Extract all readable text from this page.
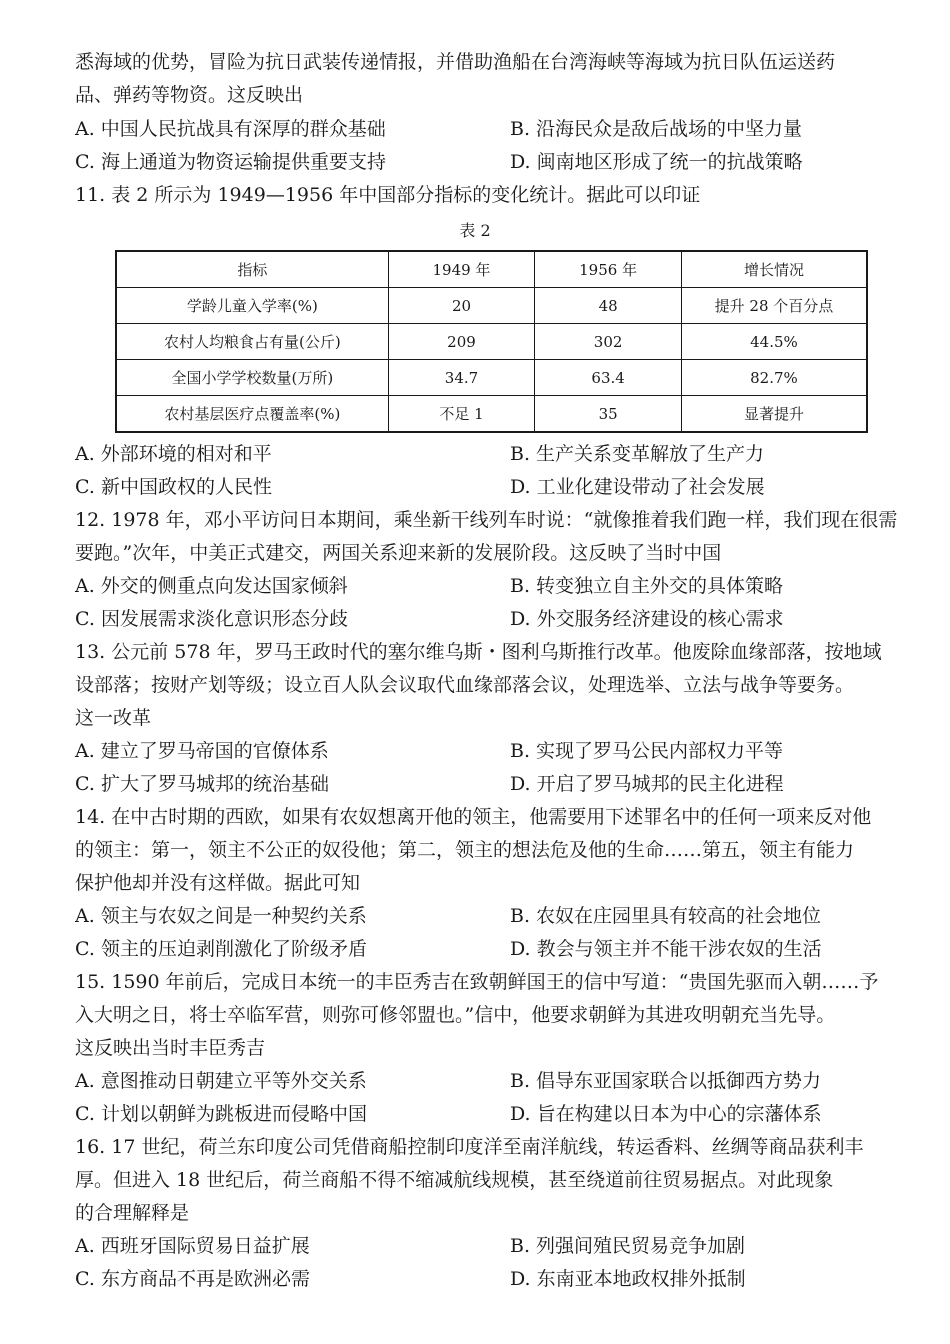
悉海域的优势，冒险为抗日武装传递情报，并借助渔船在台湾海峡等海域为抗日队伍运送药
品、弹药等物资。这反映出
A. 中国人民抗战具有深厚的群众基础	B. 沿海民众是敌后战场的中坚力量
C. 海上通道为物资运输提供重要支持	D. 闽南地区形成了统一的抗战策略
11. 表 2 所示为 1949—1956 年中国部分指标的变化统计。据此可以印证
表 2
指标	1949 年	1956 年	增长情况
学龄儿童入学率(%)	20	48	提升 28 个百分点
农村人均粮食占有量(公斤)	209	302	44.5%
全国小学学校数量(万所)	34.7	63.4	82.7%
农村基层医疗点覆盖率(%)	不足 1	35	显著提升
A. 外部环境的相对和平	B. 生产关系变革解放了生产力
C. 新中国政权的人民性	D. 工业化建设带动了社会发展
12. 1978 年，邓小平访问日本期间，乘坐新干线列车时说：“就像推着我们跑一样，我们现在很需
要跑。”次年，中美正式建交，两国关系迎来新的发展阶段。这反映了当时中国
A. 外交的侧重点向发达国家倾斜	B. 转变独立自主外交的具体策略
C. 因发展需求淡化意识形态分歧	D. 外交服务经济建设的核心需求
13. 公元前 578 年，罗马王政时代的塞尔维乌斯・图利乌斯推行改革。他废除血缘部落，按地域
设部落；按财产划等级；设立百人队会议取代血缘部落会议，处理选举、立法与战争等要务。
这一改革
A. 建立了罗马帝国的官僚体系	B. 实现了罗马公民内部权力平等
C. 扩大了罗马城邦的统治基础	D. 开启了罗马城邦的民主化进程
14. 在中古时期的西欧，如果有农奴想离开他的领主，他需要用下述罪名中的任何一项来反对他
的领主：第一，领主不公正的奴役他；第二，领主的想法危及他的生命……第五，领主有能力
保护他却并没有这样做。据此可知
A. 领主与农奴之间是一种契约关系	B. 农奴在庄园里具有较高的社会地位
C. 领主的压迫剥削激化了阶级矛盾	D. 教会与领主并不能干涉农奴的生活
15. 1590 年前后，完成日本统一的丰臣秀吉在致朝鲜国王的信中写道：“贵国先驱而入朝……予
入大明之日，将士卒临军营，则弥可修邻盟也。”信中，他要求朝鲜为其进攻明朝充当先导。
这反映出当时丰臣秀吉
A. 意图推动日朝建立平等外交关系	B. 倡导东亚国家联合以抵御西方势力
C. 计划以朝鲜为跳板进而侵略中国	D. 旨在构建以日本为中心的宗藩体系
16. 17 世纪，荷兰东印度公司凭借商船控制印度洋至南洋航线，转运香料、丝绸等商品获利丰
厚。但进入 18 世纪后，荷兰商船不得不缩减航线规模，甚至绕道前往贸易据点。对此现象
的合理解释是
A. 西班牙国际贸易日益扩展	B. 列强间殖民贸易竞争加剧
C. 东方商品不再是欧洲必需	D. 东南亚本地政权排外抵制
